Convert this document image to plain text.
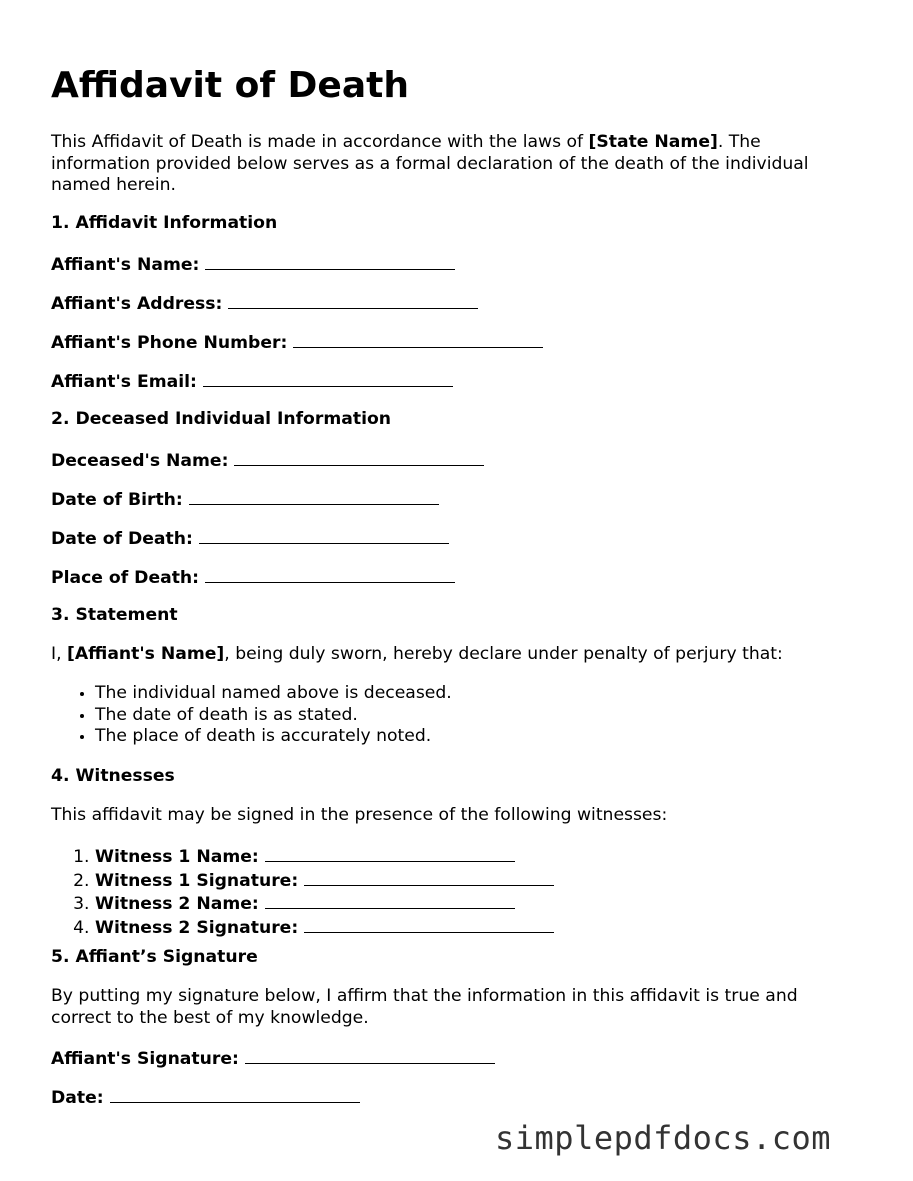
Affidavit of Death

This Affidavit of Death is made in accordance with the laws of [State Name]. The information provided below serves as a formal declaration of the death of the individual named herein.

1. Affidavit Information

Affiant's Name:

Affiant's Address:

Affiant's Phone Number:

Affiant's Email:

2. Deceased Individual Information

Deceased's Name:

Date of Birth:

Date of Death:

Place of Death:

3. Statement

I, [Affiant's Name], being duly sworn, hereby declare under penalty of perjury that:

• The individual named above is deceased.
• The date of death is as stated.
• The place of death is accurately noted.

4. Witnesses

This affidavit may be signed in the presence of the following witnesses:

1. Witness 1 Name:
2. Witness 1 Signature:
3. Witness 2 Name:
4. Witness 2 Signature:

5. Affiant’s Signature

By putting my signature below, I affirm that the information in this affidavit is true and correct to the best of my knowledge.

Affiant's Signature:

Date:

simplepdfdocs.com
